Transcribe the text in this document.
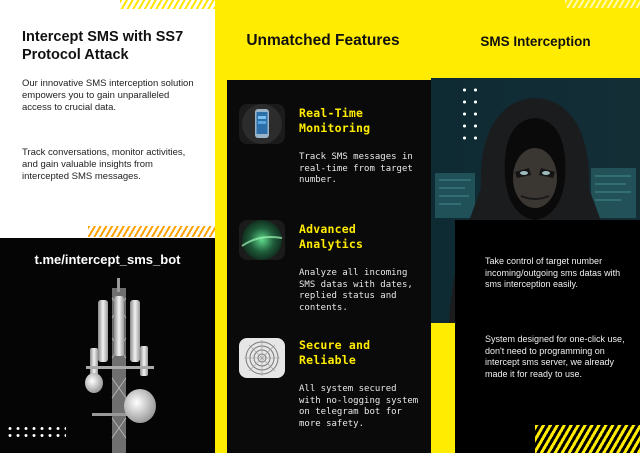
Intercept SMS with SS7 Protocol Attack

Our innovative SMS interception solution empowers you to gain unparalleled access to crucial data.

Track conversations, monitor activities, and gain valuable insights from intercepted SMS messages.

t.me/intercept_sms_bot
Unmatched Features
Real-Time Monitoring
Track SMS messages in real-time from target number.
Advanced Analytics
Analyze all incoming SMS datas with dates, replied status and contents.
Secure and Reliable
All system secured with no-logging system on telegram bot for more safety.
SMS Interception

Take control of target number incoming/outgoing sms datas with sms interception easily.

System designed for one-click use, don't need to programming on intercept sms server, we already made it for ready to use.
